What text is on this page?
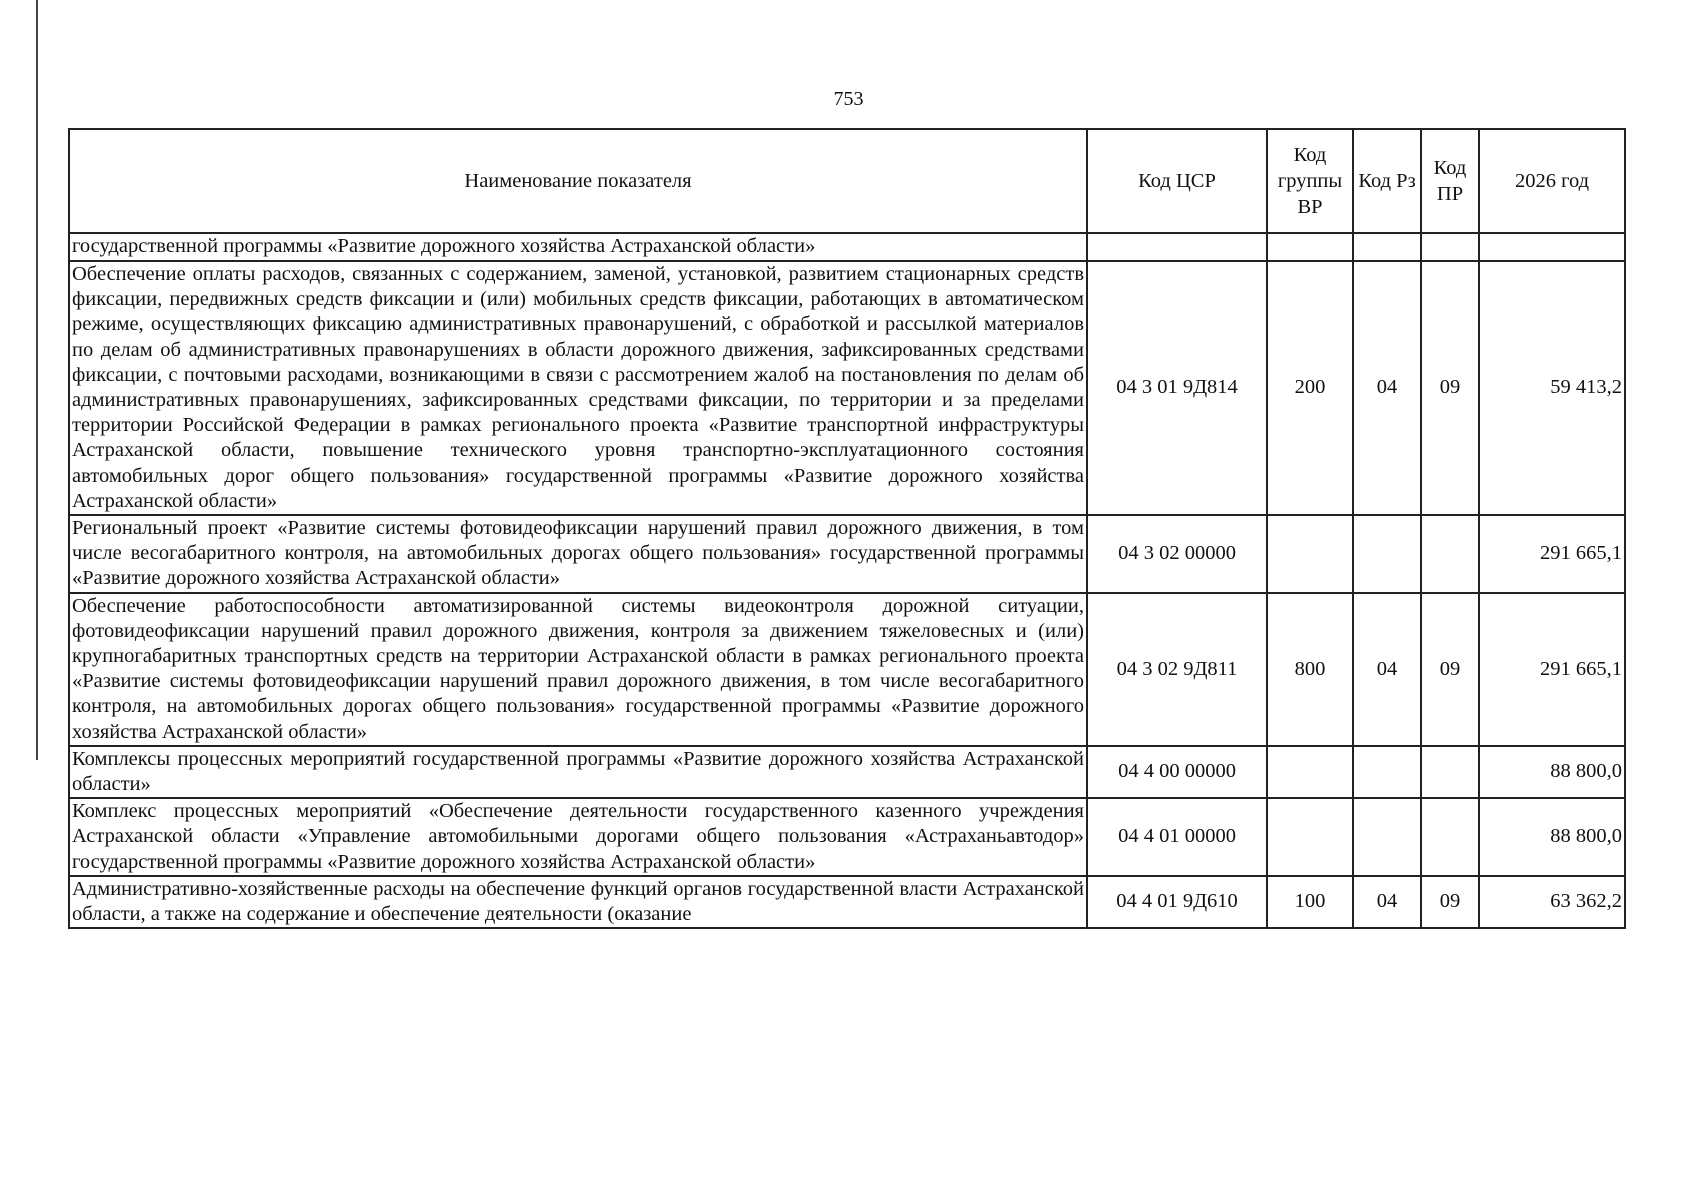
753
Наименование показателя	Код ЦСР	Код группы ВР	Код Рз	Код ПР	2026 год
государственной программы «Развитие дорожного хозяйства Астраханской области»					
Обеспечение оплаты расходов, связанных с содержанием, заменой, установкой, развитием стационарных средств фиксации, передвижных средств фиксации и (или) мобильных средств фиксации, работающих в автоматическом режиме, осуществляющих фиксацию административных правонарушений, с обработкой и рассылкой материалов по делам об административных правонарушениях в области дорожного движения, зафиксированных средствами фиксации, с почтовыми расходами, возникающими в связи с рассмотрением жалоб на постановления по делам об административных правонарушениях, зафиксированных средствами фиксации, по территории и за пределами территории Российской Федерации в рамках регионального проекта «Развитие транспортной инфраструктуры Астраханской области, повышение технического уровня транспортно-эксплуатационного состояния автомобильных дорог общего пользования» государственной программы «Развитие дорожного хозяйства Астраханской области»	04 3 01 9Д814	200	04	09	59 413,2
Региональный проект «Развитие системы фотовидеофиксации нарушений правил дорожного движения, в том числе весогабаритного контроля, на автомобильных дорогах общего пользования» государственной программы «Развитие дорожного хозяйства Астраханской области»	04 3 02 00000				291 665,1
Обеспечение работоспособности автоматизированной системы видеоконтроля дорожной ситуации, фотовидеофиксации нарушений правил дорожного движения, контроля за движением тяжеловесных и (или) крупногабаритных транспортных средств на территории Астраханской области в рамках регионального проекта «Развитие системы фотовидеофиксации нарушений правил дорожного движения, в том числе весогабаритного контроля, на автомобильных дорогах общего пользования» государственной программы «Развитие дорожного хозяйства Астраханской области»	04 3 02 9Д811	800	04	09	291 665,1
Комплексы процессных мероприятий государственной программы «Развитие дорожного хозяйства Астраханской области»	04 4 00 00000				88 800,0
Комплекс процессных мероприятий «Обеспечение деятельности государственного казенного учреждения Астраханской области «Управление автомобильными дорогами общего пользования «Астраханьавтодор» государственной программы «Развитие дорожного хозяйства Астраханской области»	04 4 01 00000				88 800,0
Административно-хозяйственные расходы на обеспечение функций органов государственной власти Астраханской области, а также на содержание и обеспечение деятельности (оказание	04 4 01 9Д610	100	04	09	63 362,2
